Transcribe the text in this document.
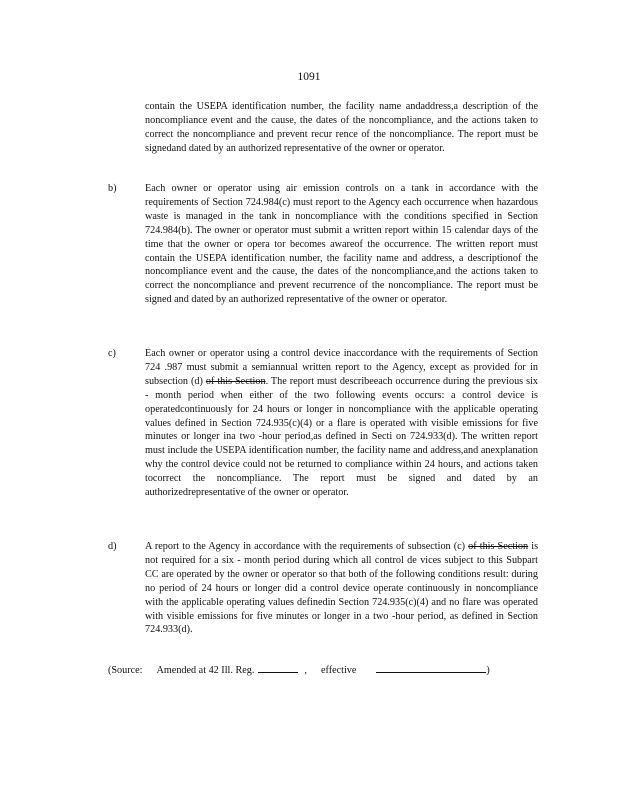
1091
contain the USEPA identification number, the facility name andaddress,a description of the noncompliance event and the cause, the dates of the noncompliance, and the actions taken to correct the noncompliance and prevent recur rence of the noncompliance. The report must be signedand dated by an authorized representative of the owner or operator.
b)	Each owner or operator using air emission controls on a tank in accordance with the requirements of Section 724.984(c) must report to the Agency each occurrence when hazardous waste is managed in the tank in noncompliance with the conditions specified in Section 724.984(b). The owner or operator must submit a written report within 15 calendar days of the time that the owner or opera tor becomes awareof the occurrence. The written report must contain the USEPA identification number, the facility name and address, a descriptionof the noncompliance event and the cause, the dates of the noncompliance,and the actions taken to correct the noncompliance and prevent recurrence of the noncompliance. The report must be signed and dated by an authorized representative of the owner or operator.
c)	Each owner or operator using a control device inaccordance with the requirements of Section 724 .987 must submit a semiannual written report to the Agency, except as provided for in subsection (d) of this Section. The report must describeeach occurrence during the previous six - month period when either of the two following events occurs: a control device is operatedcontinuously for 24 hours or longer in noncompliance with the applicable operating values defined in Section 724.935(c)(4) or a flare is operated with visible emissions for five minutes or longer ina two -hour period,as defined in Secti on 724.933(d). The written report must include the USEPA identification number, the facility name and address,and anexplanation why the control device could not be returned to compliance within 24 hours, and actions taken tocorrect the noncompliance. The report must be signed and dated by an authorizedrepresentative of the owner or operator.
d)	A report to the Agency in accordance with the requirements of subsection (c) of this Section is not required for a six - month period during which all control de vices subject to this Subpart CC are operated by the owner or operator so that both of the following conditions result: during no period of 24 hours or longer did a control device operate continuously in noncompliance with the applicable operating values definedin Section 724.935(c)(4) and no flare was operated with visible emissions for five minutes or longer in a two -hour period, as defined in Section 724.933(d).
(Source: Amended at 42 Ill. Reg.	, effective	)
